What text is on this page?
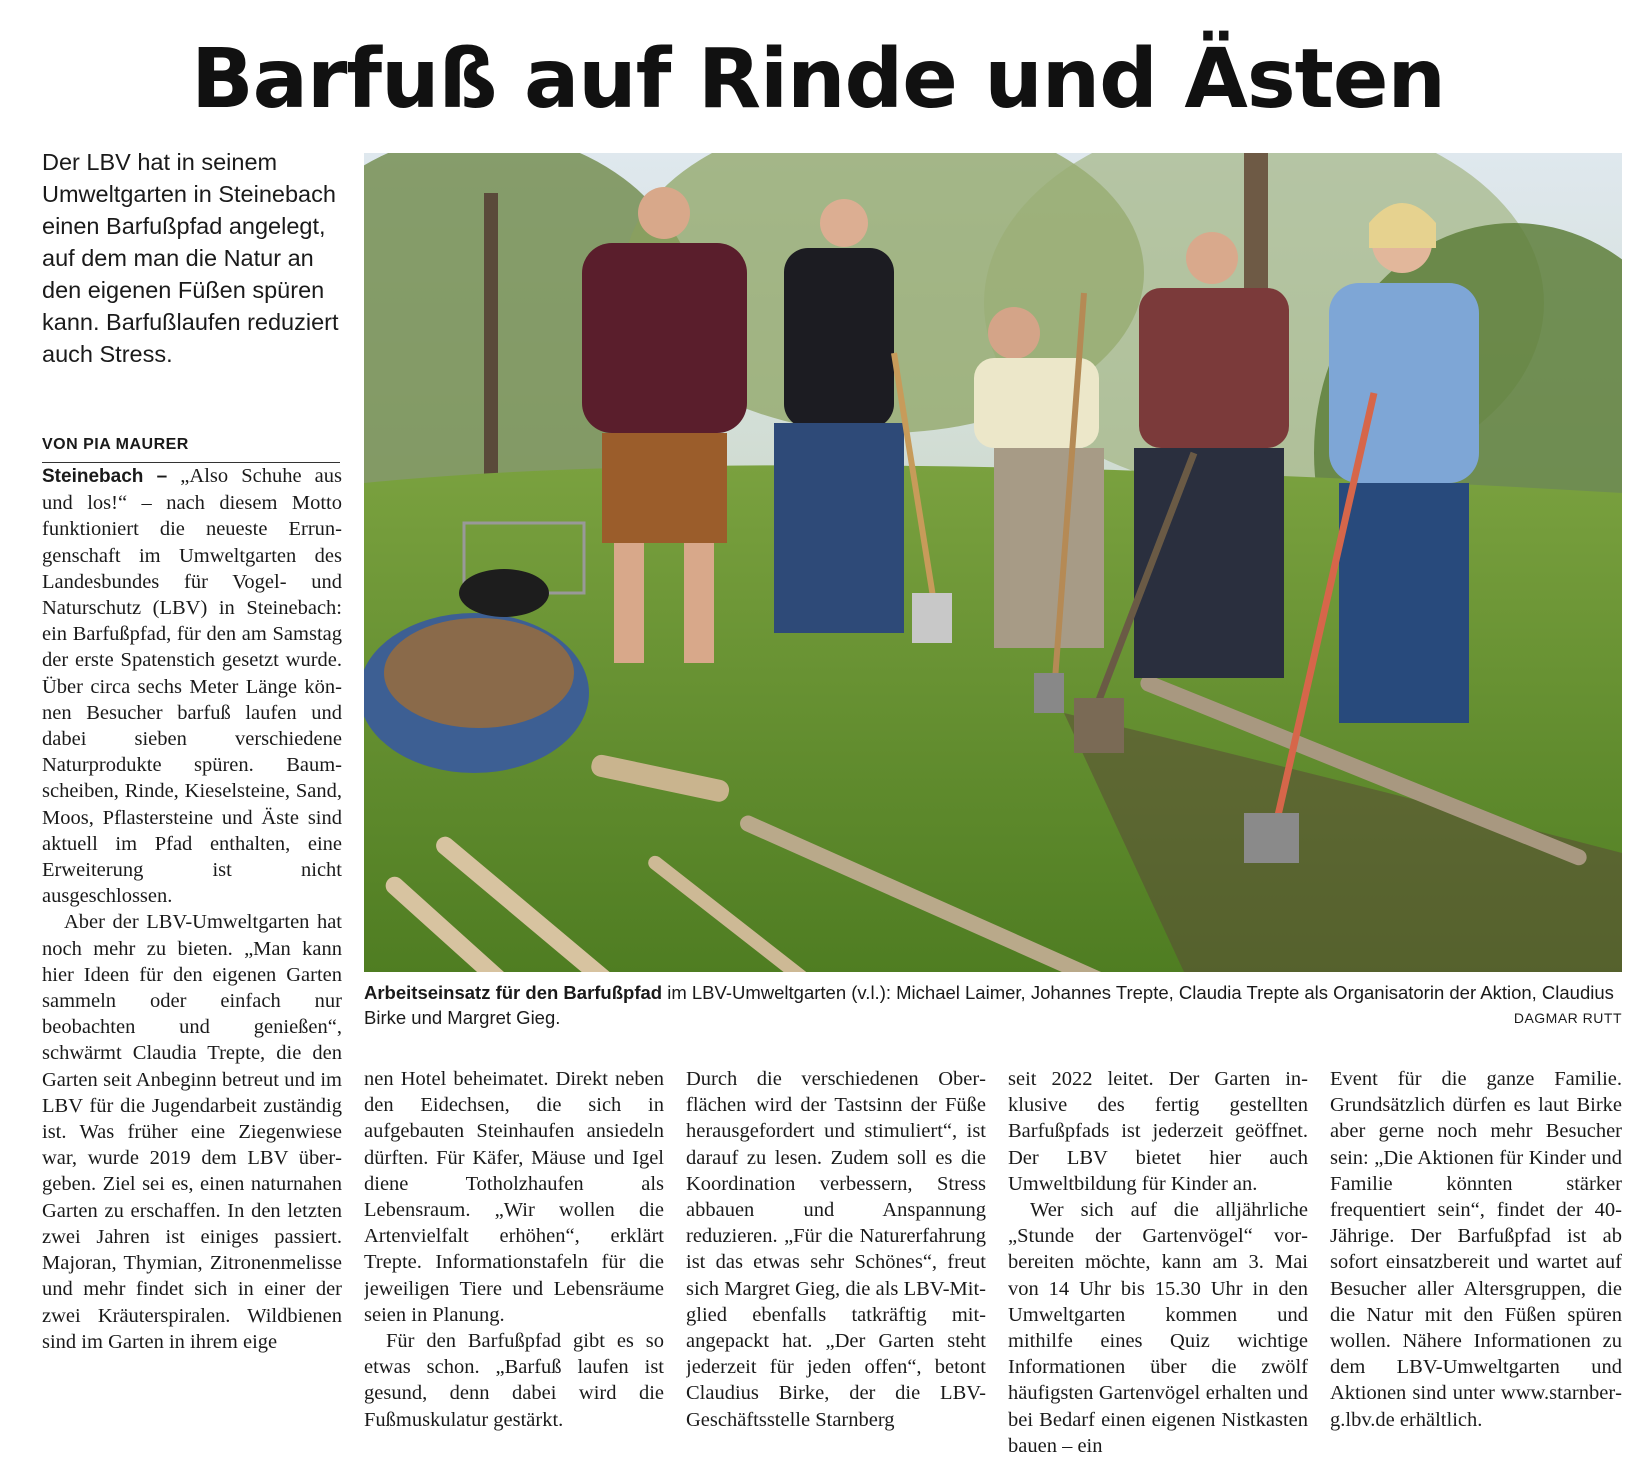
Barfuß auf Rinde und Ästen
Der LBV hat in seinem Umweltgarten in Steinebach einen Barfußpfad angelegt, auf dem man die Natur an den eigenen Füßen spüren kann. Barfußlaufen reduziert auch Stress.
VON PIA MAURER

Steinebach – „Also Schuhe aus und los!“ – nach diesem Motto funktioniert die neueste Errungenschaft im Umweltgarten des Landesbundes für Vogel- und Naturschutz (LBV) in Steinebach: ein Barfußpfad, für den am Samstag der erste Spatenstich gesetzt wurde. Über circa sechs Meter Länge können Besucher barfuß laufen und dabei sieben verschiedene Naturprodukte spüren. Baumscheiben, Rinde, Kieselsteine, Sand, Moos, Pflastersteine und Äste sind aktuell im Pfad enthalten, eine Erweiterung ist nicht ausgeschlossen.

Aber der LBV-Umweltgarten hat noch mehr zu bieten. „Man kann hier Ideen für den eigenen Garten sammeln oder einfach nur beobachten und genießen“, schwärmt Claudia Trepte, die den Garten seit Anbeginn betreut und im LBV für die Jugendarbeit zuständig ist. Was früher eine Ziegenwiese war, wurde 2019 dem LBV übergeben. Ziel sei es, einen naturnahen Garten zu erschaffen. In den letzten zwei Jahren ist einiges passiert. Majoran, Thymian, Zitronenmelisse und mehr findet sich in einer der zwei Kräuterspiralen. Wildbienen sind im Garten in ihrem eige

Arbeitseinsatz für den Barfußpfad im LBV-Umweltgarten (v.l.): Michael Laimer, Johannes Trepte, Claudia Trepte als Organisatorin der Aktion, Claudius Birke und Margret Gieg.	DAGMAR RUTT

nen Hotel beheimatet. Direkt neben den Eidechsen, die sich in aufgebauten Steinhaufen ansiedeln dürften. Für Käfer, Mäuse und Igel diene Totholzhaufen als Lebensraum. „Wir wollen die Artenvielfalt erhöhen“, erklärt Trepte. Informationstafeln für die jeweiligen Tiere und Lebensräume seien in Planung.

Für den Barfußpfad gibt es so etwas schon. „Barfuß laufen ist gesund, denn dabei wird die Fußmuskulatur gestärkt.

Durch die verschiedenen Oberflächen wird der Tastsinn der Füße herausgefordert und stimuliert“, ist darauf zu lesen. Zudem soll es die Koordination verbessern, Stress abbauen und Anspannung reduzieren. „Für die Naturerfahrung ist das etwas sehr Schönes“, freut sich Margret Gieg, die als LBV-Mitglied ebenfalls tatkräftig mitangepackt hat. „Der Garten steht jederzeit für jeden offen“, betont Claudius Birke, der die LBV-Geschäftsstelle Starnberg

seit 2022 leitet. Der Garten inklusive des fertig gestellten Barfußpfads ist jederzeit geöffnet. Der LBV bietet hier auch Umweltbildung für Kinder an.

Wer sich auf die alljährliche „Stunde der Gartenvögel“ vorbereiten möchte, kann am 3. Mai von 14 Uhr bis 15.30 Uhr in den Umweltgarten kommen und mithilfe eines Quiz wichtige Informationen über die zwölf häufigsten Gartenvögel erhalten und bei Bedarf einen eigenen Nistkasten bauen – ein

Event für die ganze Familie. Grundsätzlich dürfen es laut Birke aber gerne noch mehr Besucher sein: „Die Aktionen für Kinder und Familie könnten stärker frequentiert sein“, findet der 40-Jährige. Der Barfußpfad ist ab sofort einsatzbereit und wartet auf Besucher aller Altersgruppen, die die Natur mit den Füßen spüren wollen. Nähere Informationen zu dem LBV-Umweltgarten und Aktionen sind unter www.starnberg.lbv.de erhältlich.
